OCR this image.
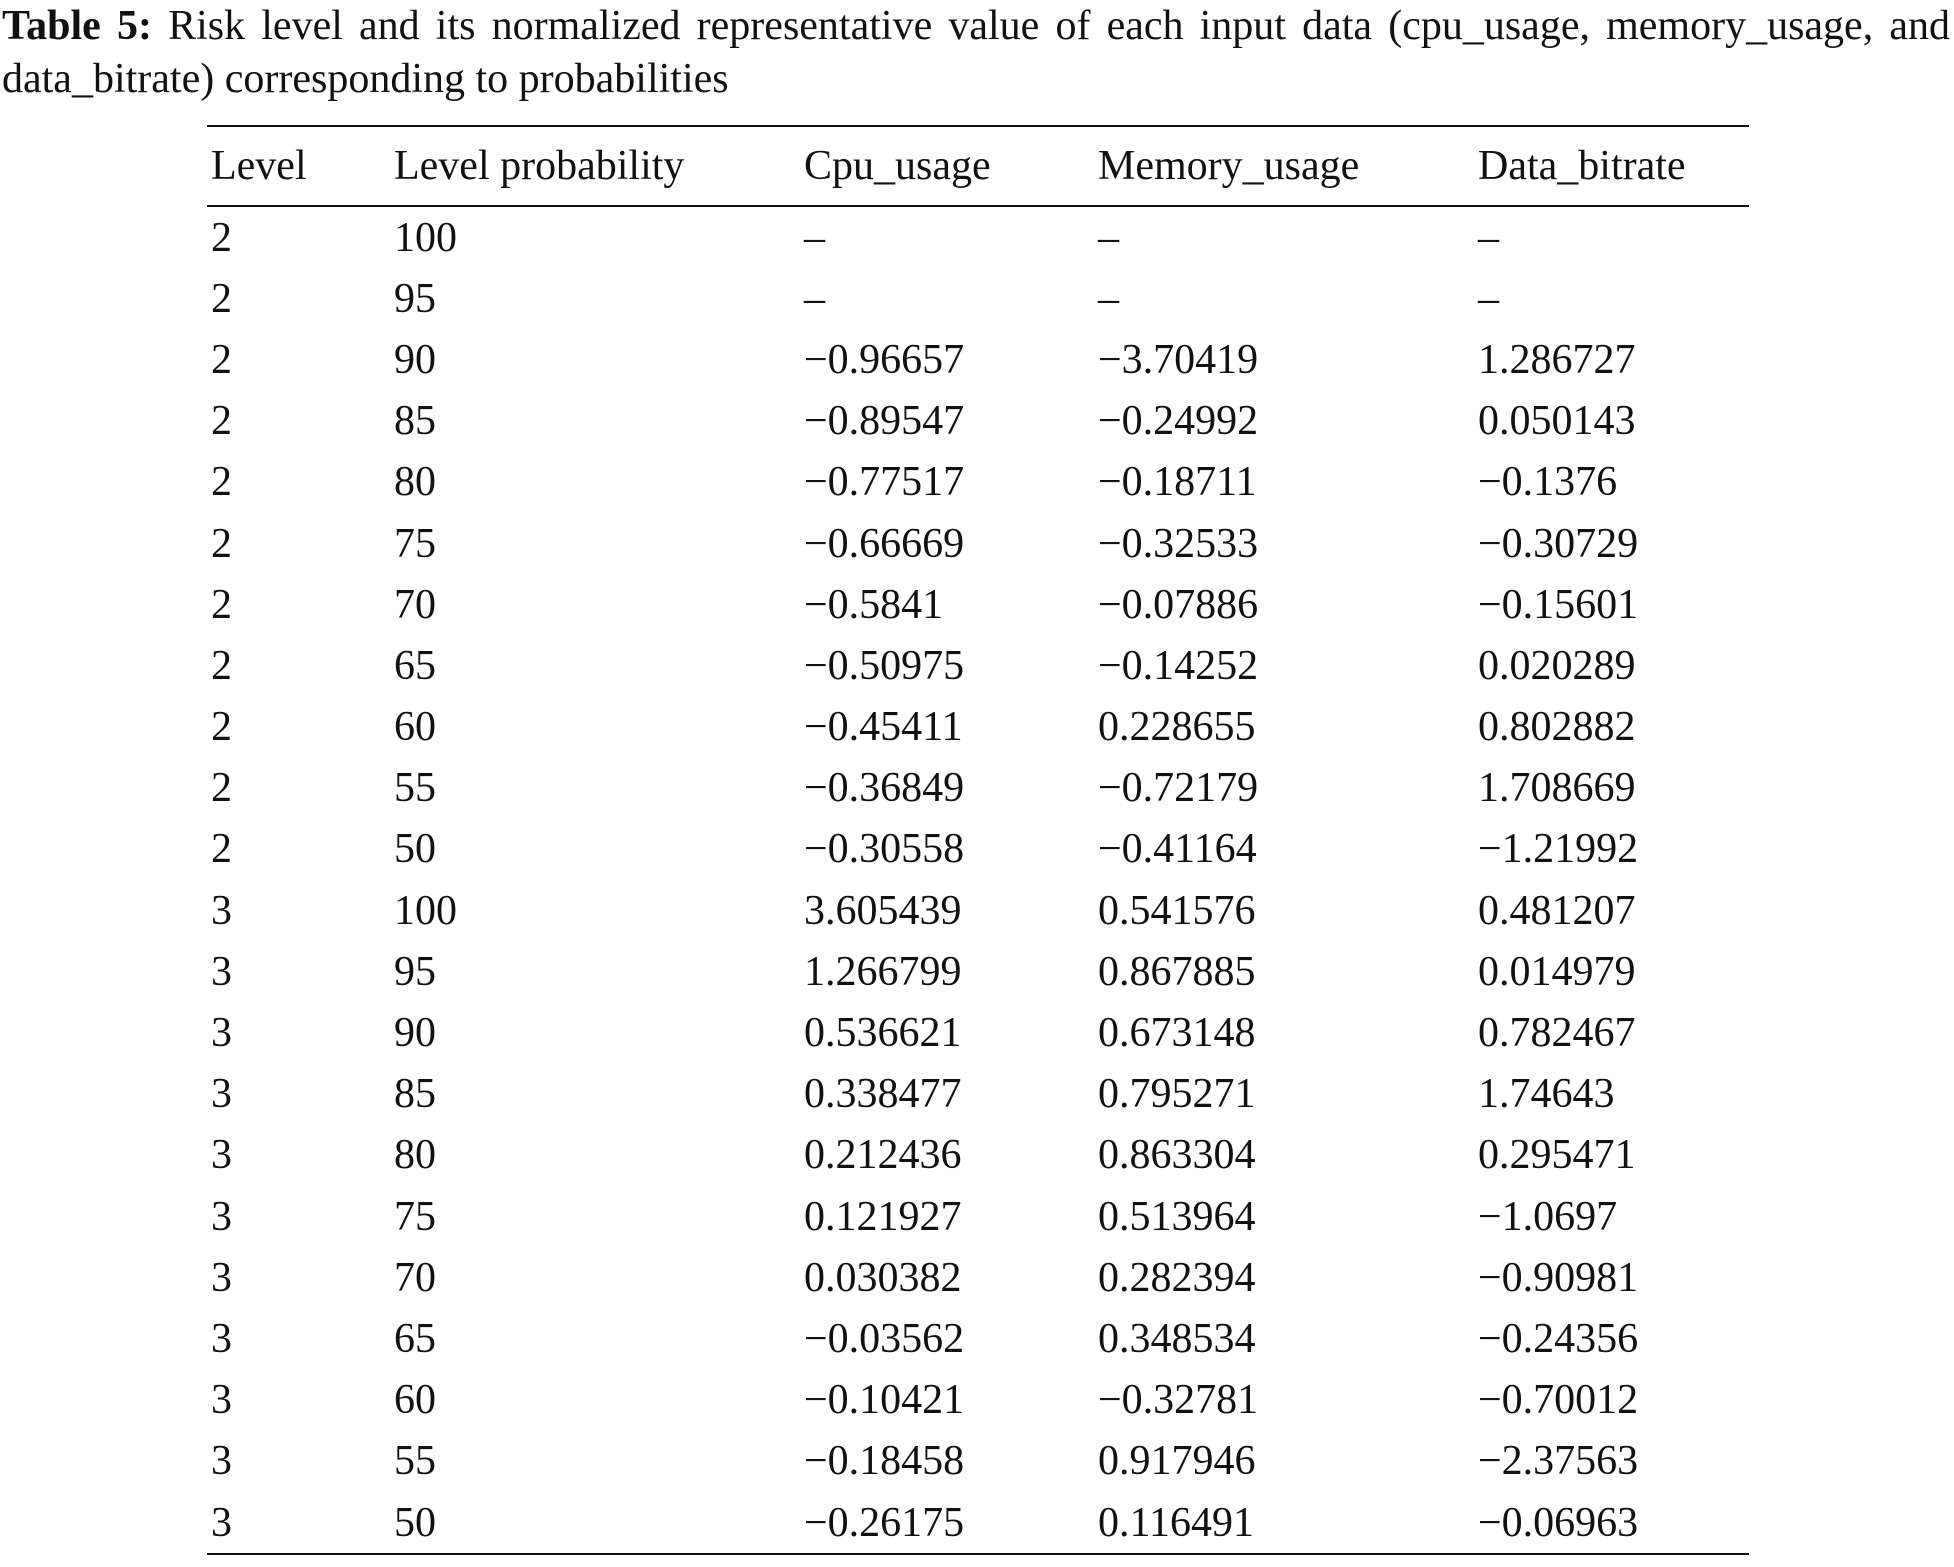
Table 5: Risk level and its normalized representative value of each input data (cpu_usage, memory_usage, and data_bitrate) corresponding to probabilities

Level	Level probability	Cpu_usage	Memory_usage	Data_bitrate
2	100	–	–	–
2	95	–	–	–
2	90	−0.96657	−3.70419	1.286727
2	85	−0.89547	−0.24992	0.050143
2	80	−0.77517	−0.18711	−0.1376
2	75	−0.66669	−0.32533	−0.30729
2	70	−0.5841	−0.07886	−0.15601
2	65	−0.50975	−0.14252	0.020289
2	60	−0.45411	0.228655	0.802882
2	55	−0.36849	−0.72179	1.708669
2	50	−0.30558	−0.41164	−1.21992
3	100	3.605439	0.541576	0.481207
3	95	1.266799	0.867885	0.014979
3	90	0.536621	0.673148	0.782467
3	85	0.338477	0.795271	1.74643
3	80	0.212436	0.863304	0.295471
3	75	0.121927	0.513964	−1.0697
3	70	0.030382	0.282394	−0.90981
3	65	−0.03562	0.348534	−0.24356
3	60	−0.10421	−0.32781	−0.70012
3	55	−0.18458	0.917946	−2.37563
3	50	−0.26175	0.116491	−0.06963
